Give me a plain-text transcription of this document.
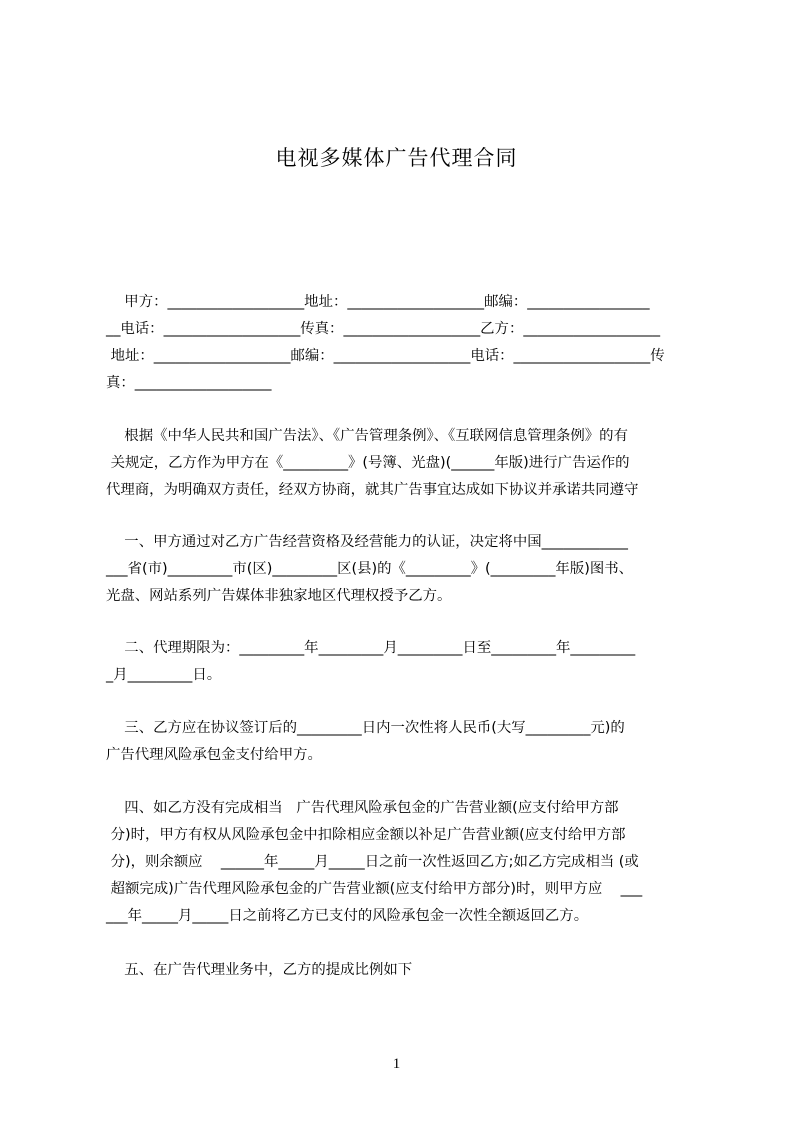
电视多媒体广告代理合同
甲方：___________________地址：___________________邮编：_________________
__电话：___________________传真：___________________乙方：___________________
地址：___________________邮编：___________________电话：___________________传
真：___________________
根据《中华人民共和国广告法》、《广告管理条例》、《互联网信息管理条例》的有
关规定，乙方作为甲方在《_________》(号簿、光盘)(______年版)进行广告运作的
代理商，为明确双方责任，经双方协商，就其广告事宜达成如下协议并承诺共同遵守
一、甲方通过对乙方广告经营资格及经营能力的认证，决定将中国____________
___省(市)_________市(区)_________区(县)的《_________》(_________年版)图书、
光盘、网站系列广告媒体非独家地区代理权授予乙方。
二、代理期限为：_________年_________月_________日至_________年_________
_月_________日。
三、乙方应在协议签订后的_________日内一次性将人民币(大写_________元)的
广告代理风险承包金支付给甲方。
四、如乙方没有完成相当   广告代理风险承包金的广告营业额(应支付给甲方部
分)时，甲方有权从风险承包金中扣除相应金额以补足广告营业额(应支付给甲方部
分)，则余额应    ______年_____月_____日之前一次性返回乙方;如乙方完成相当 (或
超额完成)广告代理风险承包金的广告营业额(应支付给甲方部分)时，则甲方应    ___
___年_____月_____日之前将乙方已支付的风险承包金一次性全额返回乙方。
五、在广告代理业务中，乙方的提成比例如下
1
